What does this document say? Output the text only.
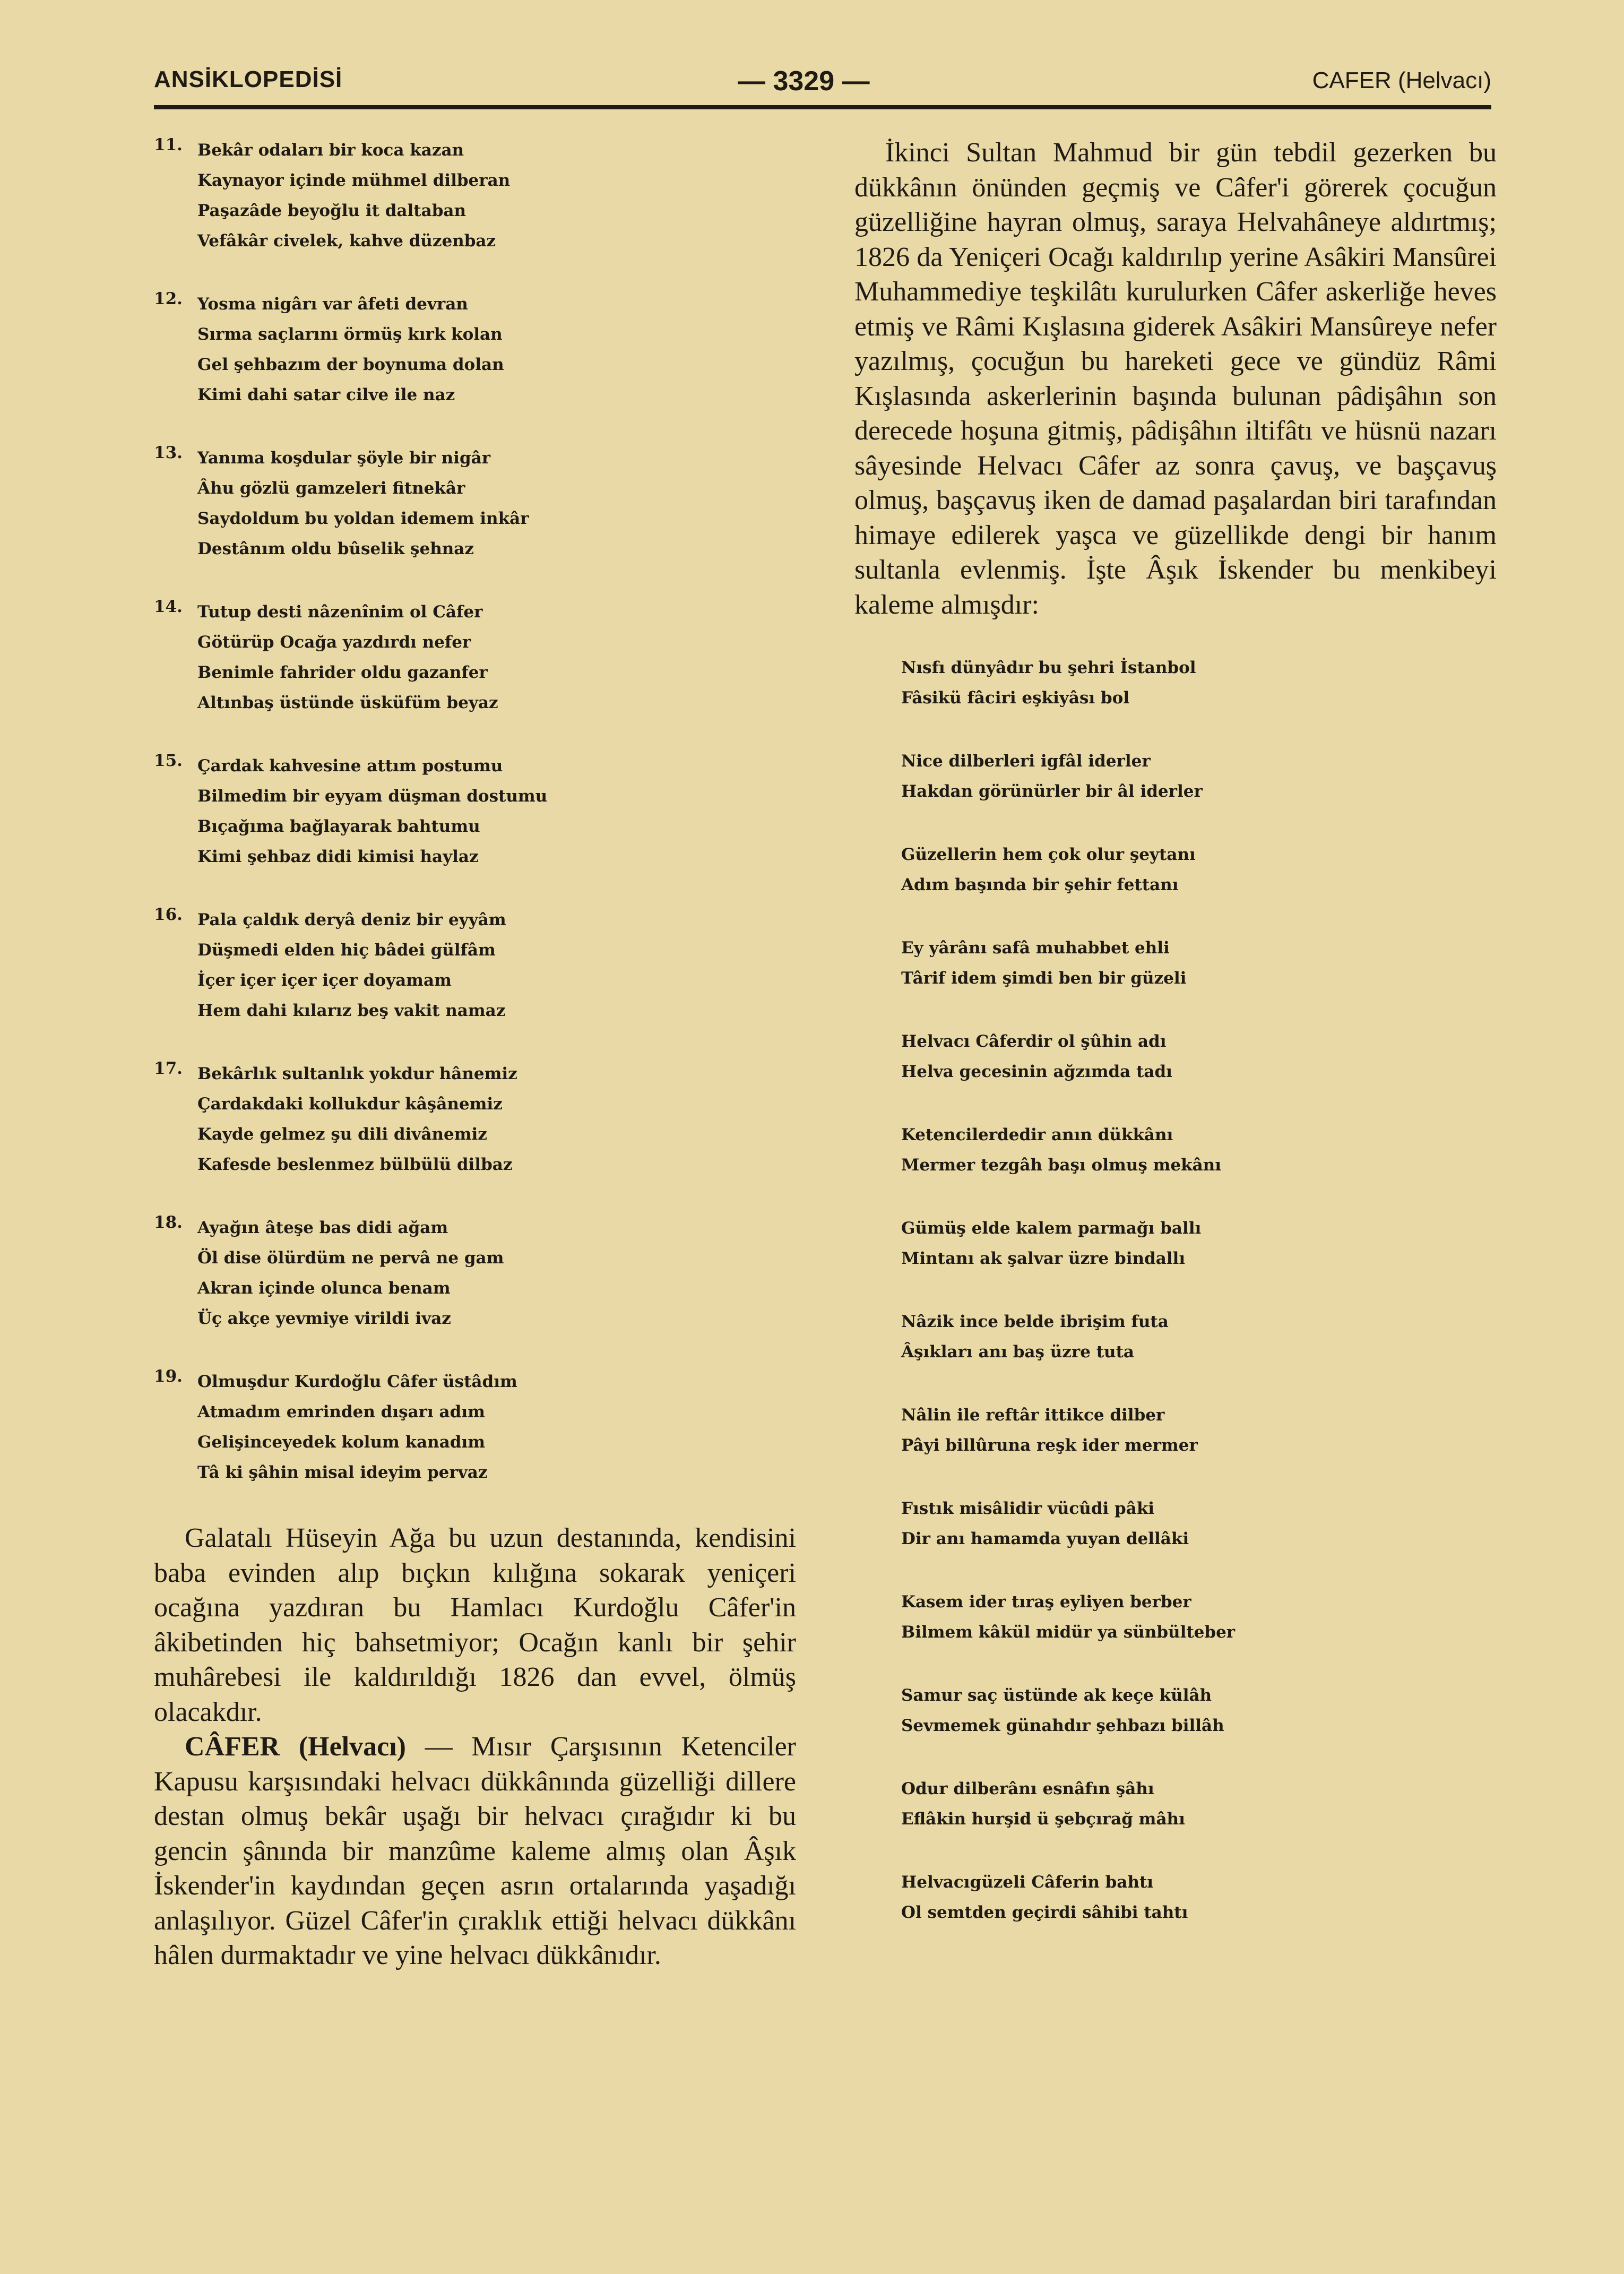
ANSİKLOPEDİSİ	— 3329 —	CAFER (Helvacı)
11. Bekâr odaları bir koca kazan
Kaynayor içinde mühmel dilberan
Paşazâde beyoğlu it daltaban
Vefâkâr civelek, kahve düzenbaz
12. Yosma nigârı var âfeti devran
Sırma saçlarını örmüş kırk kolan
Gel şehbazım der boynuma dolan
Kimi dahi satar cilve ile naz
13. Yanıma koşdular şöyle bir nigâr
Âhu gözlü gamzeleri fitnekâr
Saydoldum bu yoldan idemem inkâr
Destânım oldu bûselik şehnaz
14. Tutup desti nâzenînim ol Câfer
Götürüp Ocağa yazdırdı nefer
Benimle fahrider oldu gazanfer
Altınbaş üstünde üsküfüm beyaz
15. Çardak kahvesine attım postumu
Bilmedim bir eyyam düşman dostumu
Bıçağıma bağlayarak bahtumu
Kimi şehbaz didi kimisi haylaz
16. Pala çaldık deryâ deniz bir eyyâm
Düşmedi elden hiç bâdei gülfâm
İçer içer içer içer doyamam
Hem dahi kılarız beş vakit namaz
17. Bekârlık sultanlık yokdur hânemiz
Çardakdaki kollukdur kâşânemiz
Kayde gelmez şu dili divânemiz
Kafesde beslenmez bülbülü dilbaz
18. Ayağın âteşe bas didi ağam
Öl dise ölürdüm ne pervâ ne gam
Akran içinde olunca benam
Üç akçe yevmiye virildi ivaz
19. Olmuşdur Kurdoğlu Câfer üstâdım
Atmadım emrinden dışarı adım
Gelişinceyedek kolum kanadım
Tâ ki şâhin misal ideyim pervaz

Galatalı Hüseyin Ağa bu uzun destanında, kendisini baba evinden alıp bıçkın kılığına sokarak yeniçeri ocağına yazdıran bu Hamlacı Kurdoğlu Câfer'in âkibetinden hiç bahsetmiyor; Ocağın kanlı bir şehir muhârebesi ile kaldırıldığı 1826 dan evvel, ölmüş olacakdır.

CÂFER (Helvacı) — Mısır Çarşısının Ketenciler Kapusu karşısındaki helvacı dükkânında güzelliği dillere destan olmuş bekâr uşağı bir helvacı çırağıdır ki bu gencin şânında bir manzûme kaleme almış olan Âşık İskender'in kaydından geçen asrın ortalarında yaşadığı anlaşılıyor. Güzel Câfer'in çıraklık ettiği helvacı dükkânı hâlen durmaktadır ve yine helvacı dükkânıdır.

İkinci Sultan Mahmud bir gün tebdil gezerken bu dükkânın önünden geçmiş ve Câfer'i görerek çocuğun güzelliğine hayran olmuş, saraya Helvahâneye aldırtmış; 1826 da Yeniçeri Ocağı kaldırılıp yerine Asâkiri Mansûrei Muhammediye teşkilâtı kurulurken Câfer askerliğe heves etmiş ve Râmi Kışlasına giderek Asâkiri Mansûreye nefer yazılmış, çocuğun bu hareketi gece ve gündüz Râmi Kışlasında askerlerinin başında bulunan pâdişâhın son derecede hoşuna gitmiş, pâdişâhın iltifâtı ve hüsnü nazarı sâyesinde Helvacı Câfer az sonra çavuş, ve başçavuş olmuş, başçavuş iken de damad paşalardan biri tarafından himaye edilerek yaşca ve güzellikde dengi bir hanım sultanla evlenmiş. İşte Âşık İskender bu menkibeyi kaleme almışdır:

Nısfı dünyâdır bu şehri İstanbol
Fâsikü fâciri eşkiyâsı bol
Nice dilberleri igfâl iderler
Hakdan görünürler bir âl iderler
Güzellerin hem çok olur şeytanı
Adım başında bir şehir fettanı
Ey yârânı safâ muhabbet ehli
Târif idem şimdi ben bir güzeli
Helvacı Câferdir ol şûhin adı
Helva gecesinin ağzımda tadı
Ketencilerdedir anın dükkânı
Mermer tezgâh başı olmuş mekânı
Gümüş elde kalem parmağı ballı
Mintanı ak şalvar üzre bindallı
Nâzik ince belde ibrişim futa
Âşıkları anı baş üzre tuta
Nâlin ile reftâr ittikce dilber
Pâyi billûruna reşk ider mermer
Fıstık misâlidir vücûdi pâki
Dir anı hamamda yuyan dellâki
Kasem ider tıraş eyliyen berber
Bilmem kâkül midür ya sünbülteber
Samur saç üstünde ak keçe külâh
Sevmemek günahdır şehbazı billâh
Odur dilberânı esnâfın şâhı
Eflâkin hurşid ü şebçırağ mâhı
Helvacıgüzeli Câferin bahtı
Ol semtden geçirdi sâhibi tahtı
